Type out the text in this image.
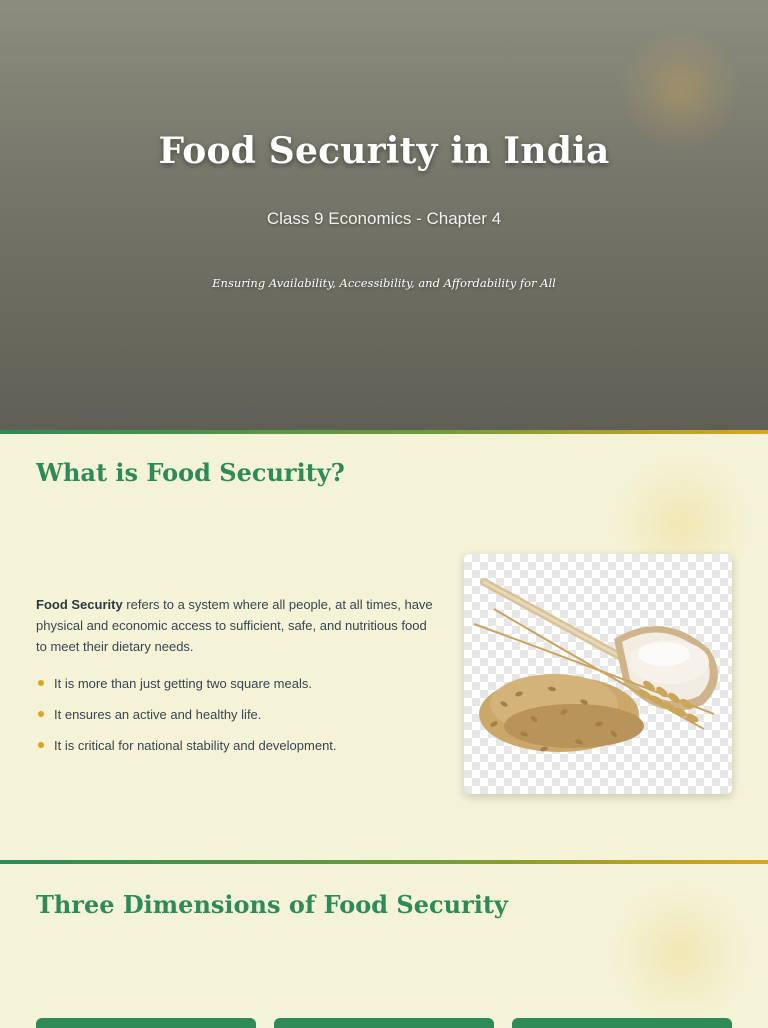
Food Security in India
Class 9 Economics - Chapter 4
Ensuring Availability, Accessibility, and Affordability for All
What is Food Security?

Food Security refers to a system where all people, at all times, have physical and economic access to sufficient, safe, and nutritious food to meet their dietary needs.

It is more than just getting two square meals.
It ensures an active and healthy life.
It is critical for national stability and development.
Three Dimensions of Food Security
